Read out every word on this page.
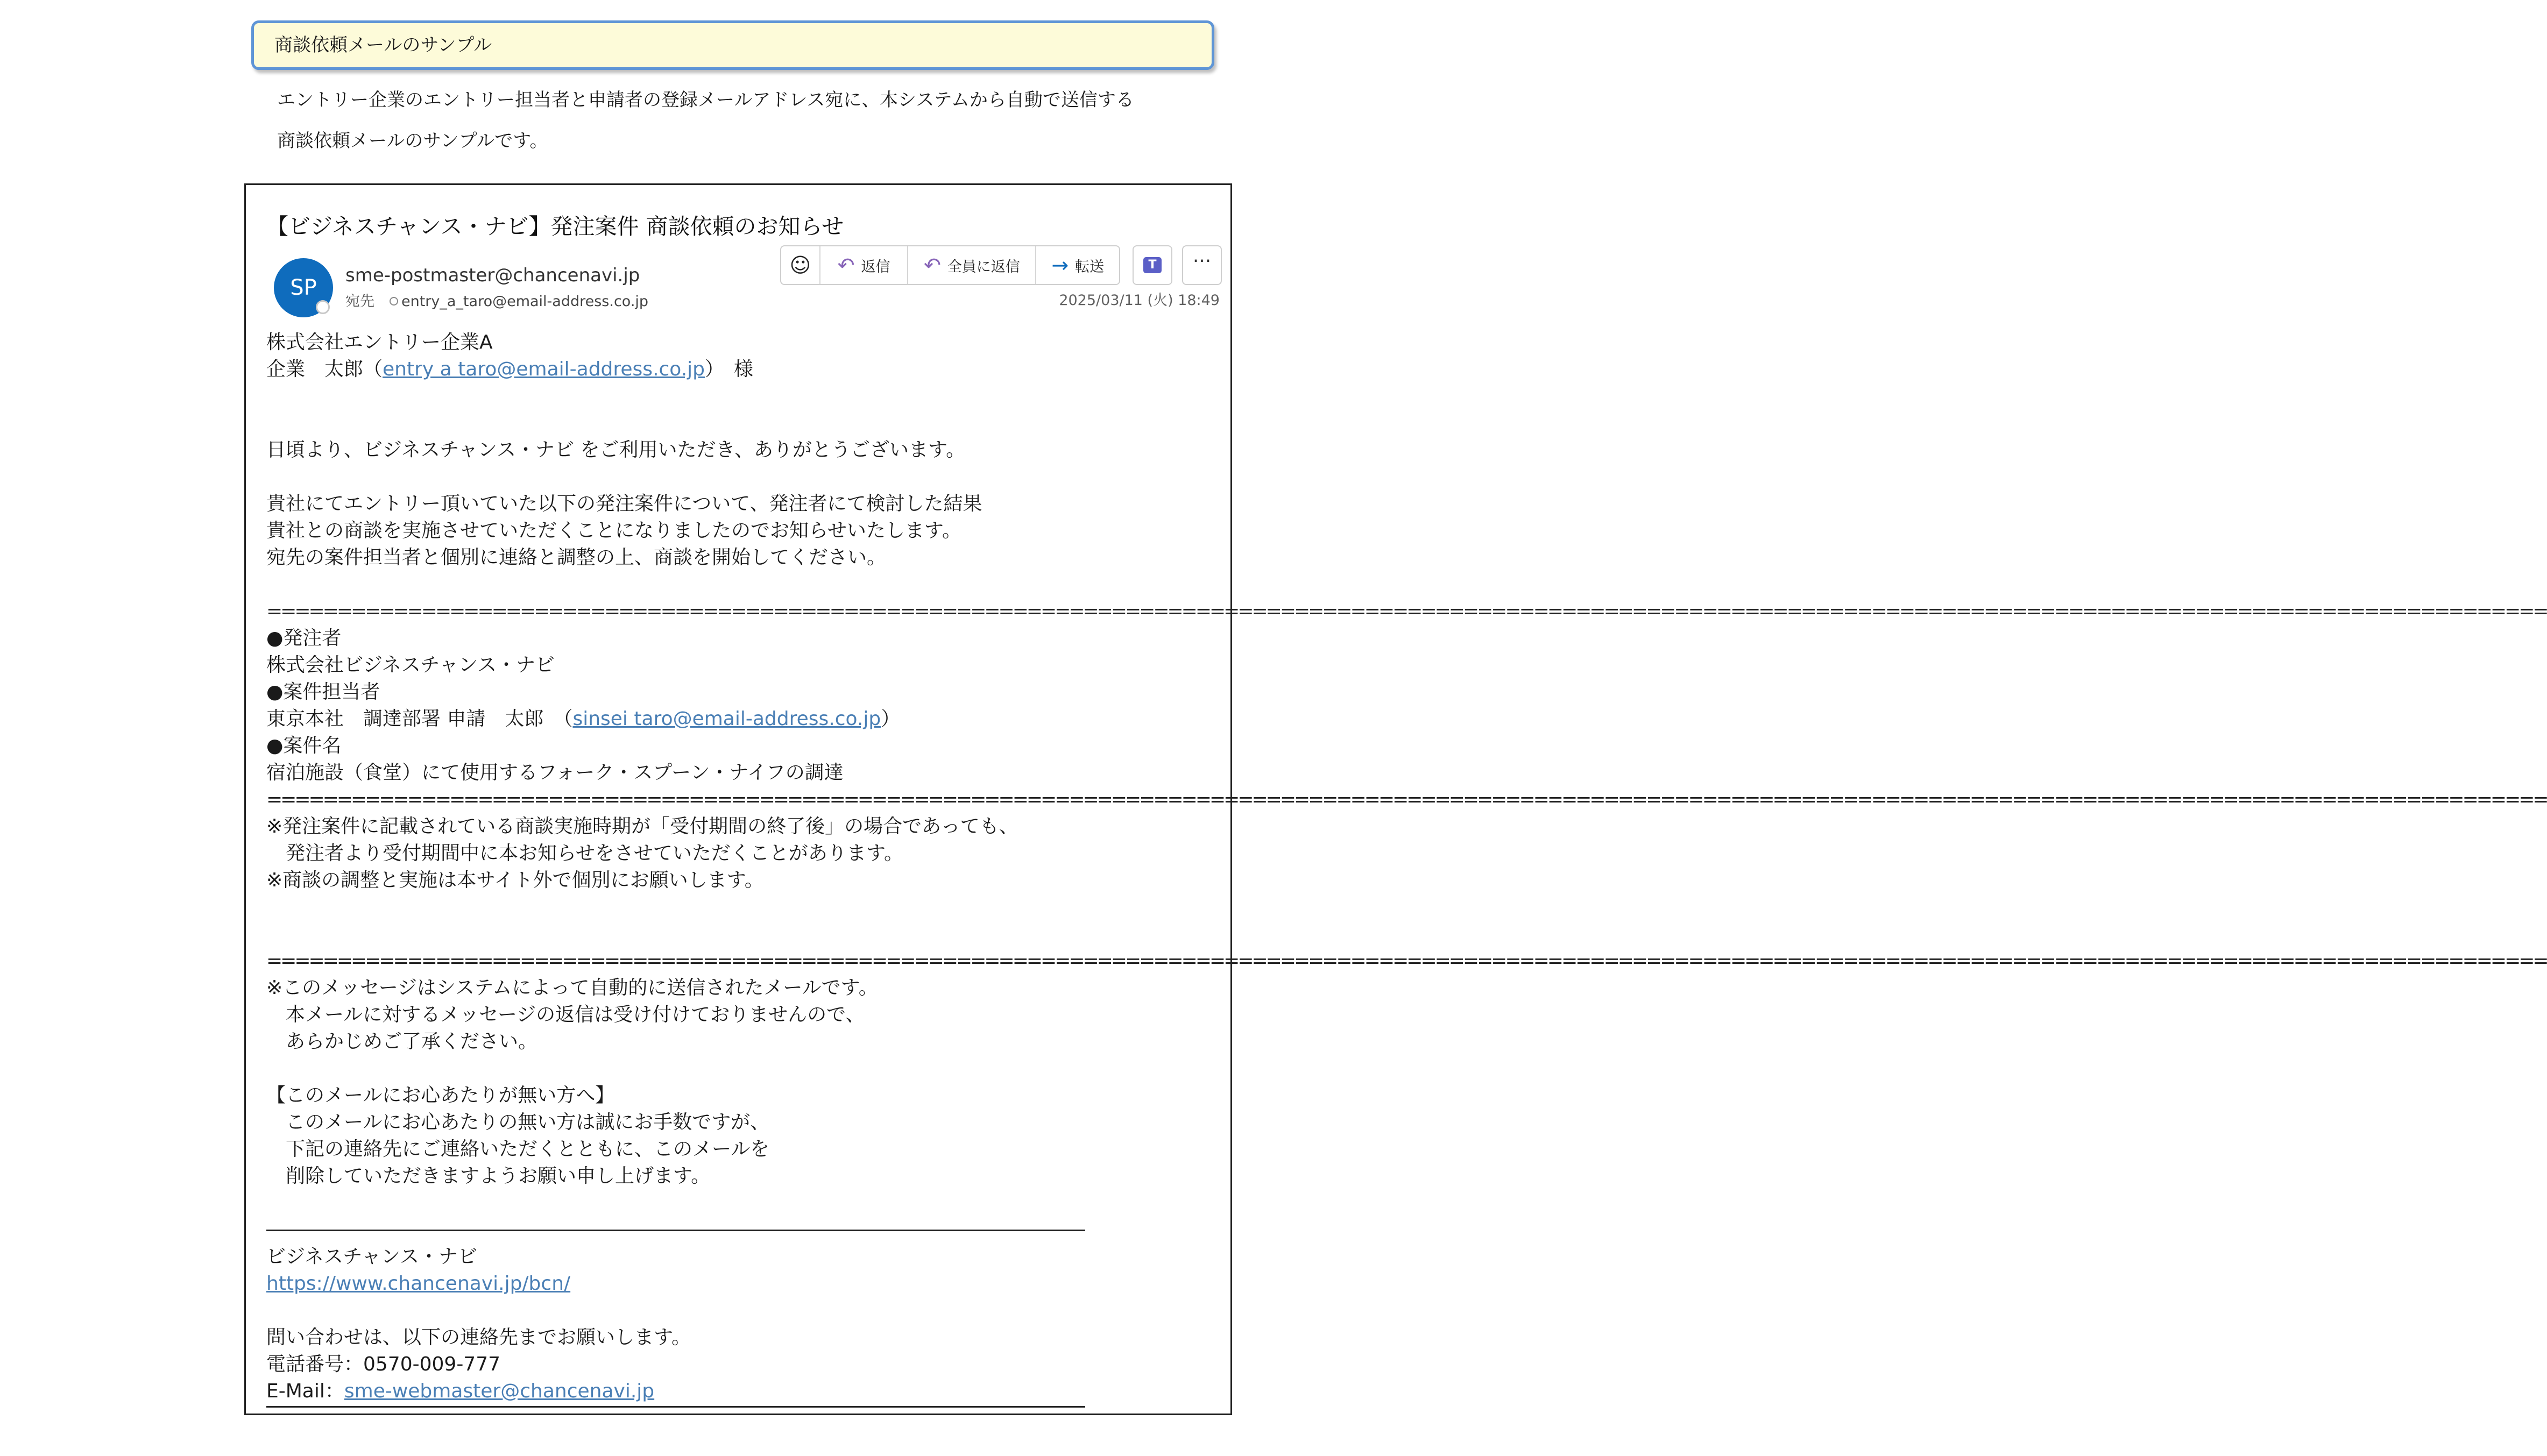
商談依頼メールのサンプル
エントリー企業のエントリー担当者と申請者の登録メールアドレス宛に、本システムから自動で送信する
商談依頼メールのサンプルです。
【ビジネスチャンス・ナビ】発注案件 商談依頼のお知らせ
SP	sme-postmaster@chancenavi.jp
宛先 entry_a_taro@email-address.co.jp	2025/03/11 (火) 18:49
☺ ↶ 返信 ↶ 全員に返信 → 転送	T	···
株式会社エントリー企業A
企業　太郎（entry a taro@email-address.co.jp）　様
日頃より、ビジネスチャンス・ナビ をご利用いただき、ありがとうございます。
貴社にてエントリー頂いていた以下の発注案件について、発注者にて検討した結果
貴社との商談を実施させていただくことになりましたのでお知らせいたします。
宛先の案件担当者と個別に連絡と調整の上、商談を開始してください。
==================================================================================================================================================================
●発注者
株式会社ビジネスチャンス・ナビ
●案件担当者
東京本社　調達部署 申請　太郎　（sinsei taro@email-address.co.jp）
●案件名
宿泊施設（食堂）にて使用するフォーク・スプーン・ナイフの調達
==================================================================================================================================================================
※発注案件に記載されている商談実施時期が「受付期間の終了後」の場合であっても、
　発注者より受付期間中に本お知らせをさせていただくことがあります。
※商談の調整と実施は本サイト外で個別にお願いします。
==================================================================================================================================================================
※このメッセージはシステムによって自動的に送信されたメールです。
　本メールに対するメッセージの返信は受け付けておりませんので、
　あらかじめご了承ください。
【このメールにお心あたりが無い方へ】
　このメールにお心あたりの無い方は誠にお手数ですが、
　下記の連絡先にご連絡いただくとともに、このメールを
　削除していただきますようお願い申し上げます。
ビジネスチャンス・ナビ
https://www.chancenavi.jp/bcn/
問い合わせは、以下の連絡先までお願いします。
電話番号：0570-009-777
E-Mail：sme-webmaster@chancenavi.jp
